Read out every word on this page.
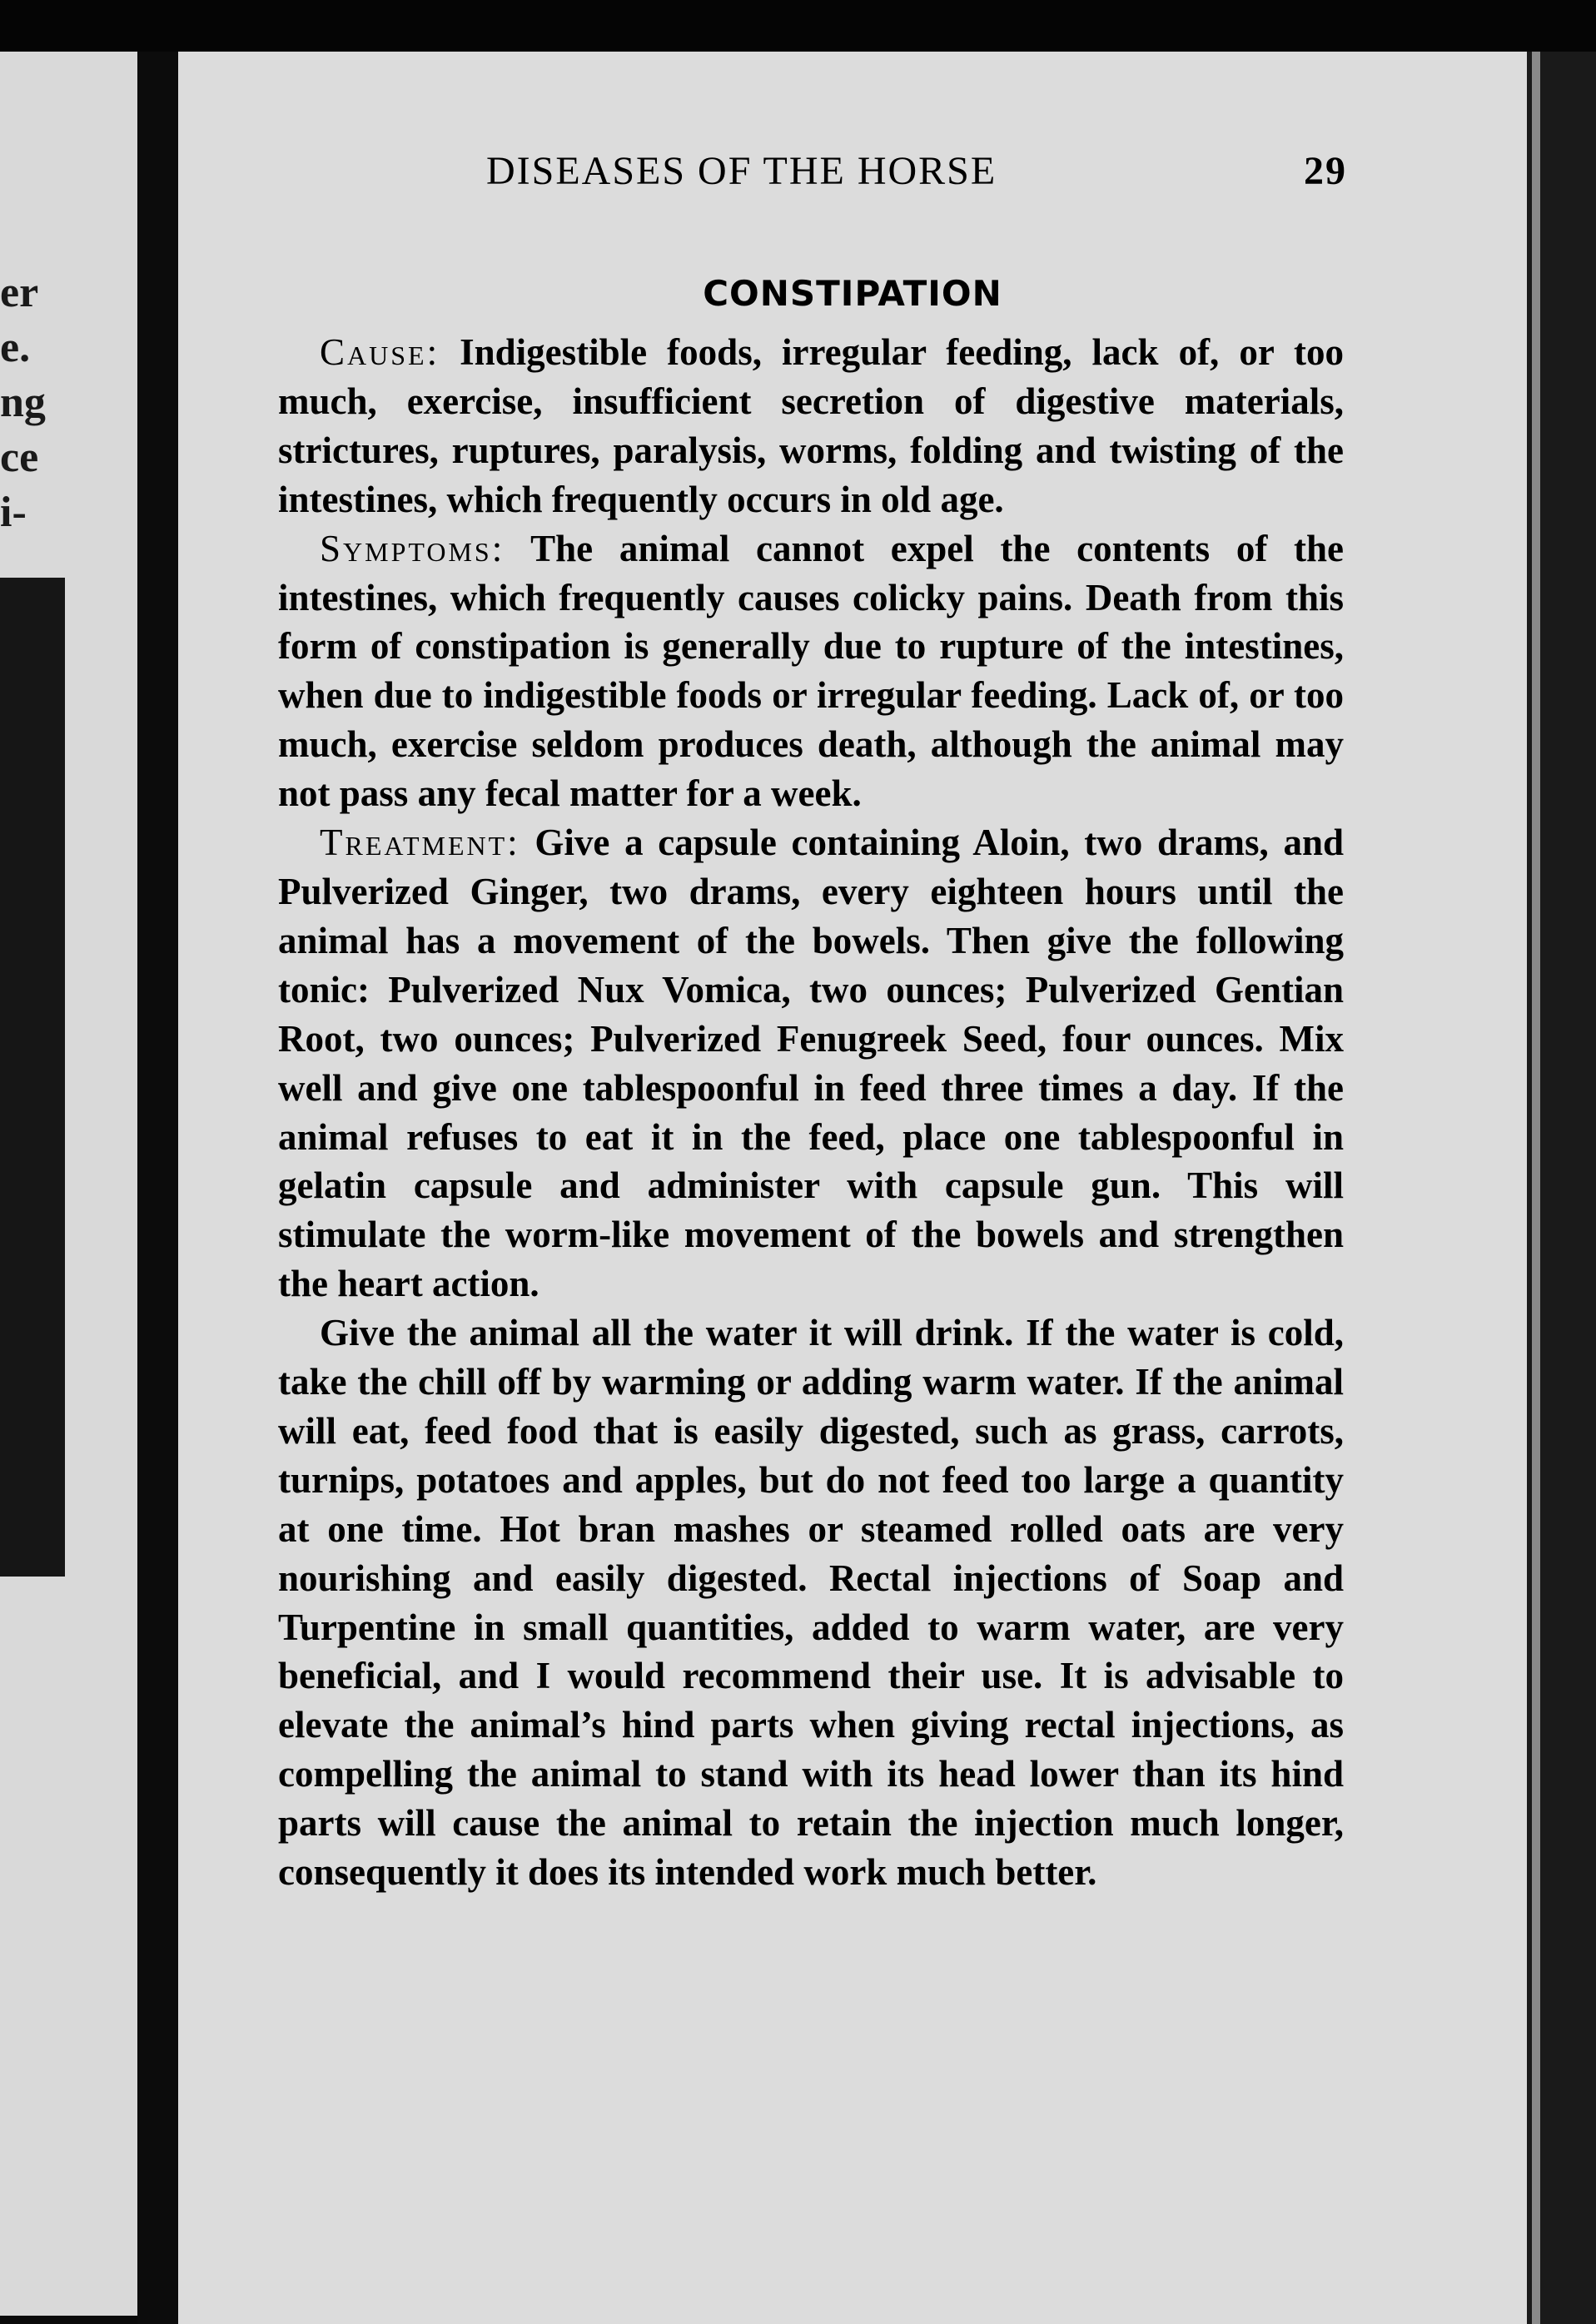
er
e.
ng
ce
i-
DISEASES OF THE HORSE	29
CONSTIPATION

Cause: Indigestible foods, irregular feeding, lack of, or too much, exercise, insufficient secretion of digestive materials, strictures, ruptures, paralysis, worms, folding and twisting of the intestines, which frequently occurs in old age.

Symptoms: The animal cannot expel the contents of the intestines, which frequently causes colicky pains. Death from this form of constipation is generally due to rupture of the intestines, when due to indigestible foods or irregular feeding. Lack of, or too much, exercise seldom produces death, although the animal may not pass any fecal matter for a week.

Treatment: Give a capsule containing Aloin, two drams, and Pulverized Ginger, two drams, every eighteen hours until the animal has a movement of the bowels. Then give the following tonic: Pulverized Nux Vomica, two ounces; Pulverized Gentian Root, two ounces; Pulverized Fenugreek Seed, four ounces. Mix well and give one tablespoonful in feed three times a day. If the animal refuses to eat it in the feed, place one tablespoonful in gelatin capsule and administer with capsule gun. This will stimulate the worm-like movement of the bowels and strengthen the heart action.

Give the animal all the water it will drink. If the water is cold, take the chill off by warming or adding warm water. If the animal will eat, feed food that is easily digested, such as grass, carrots, turnips, potatoes and apples, but do not feed too large a quantity at one time. Hot bran mashes or steamed rolled oats are very nourishing and easily digested. Rectal injections of Soap and Turpentine in small quantities, added to warm water, are very beneficial, and I would recommend their use. It is advisable to elevate the animal’s hind parts when giving rectal injections, as compelling the animal to stand with its head lower than its hind parts will cause the animal to retain the injection much longer, consequently it does its intended work much better.
